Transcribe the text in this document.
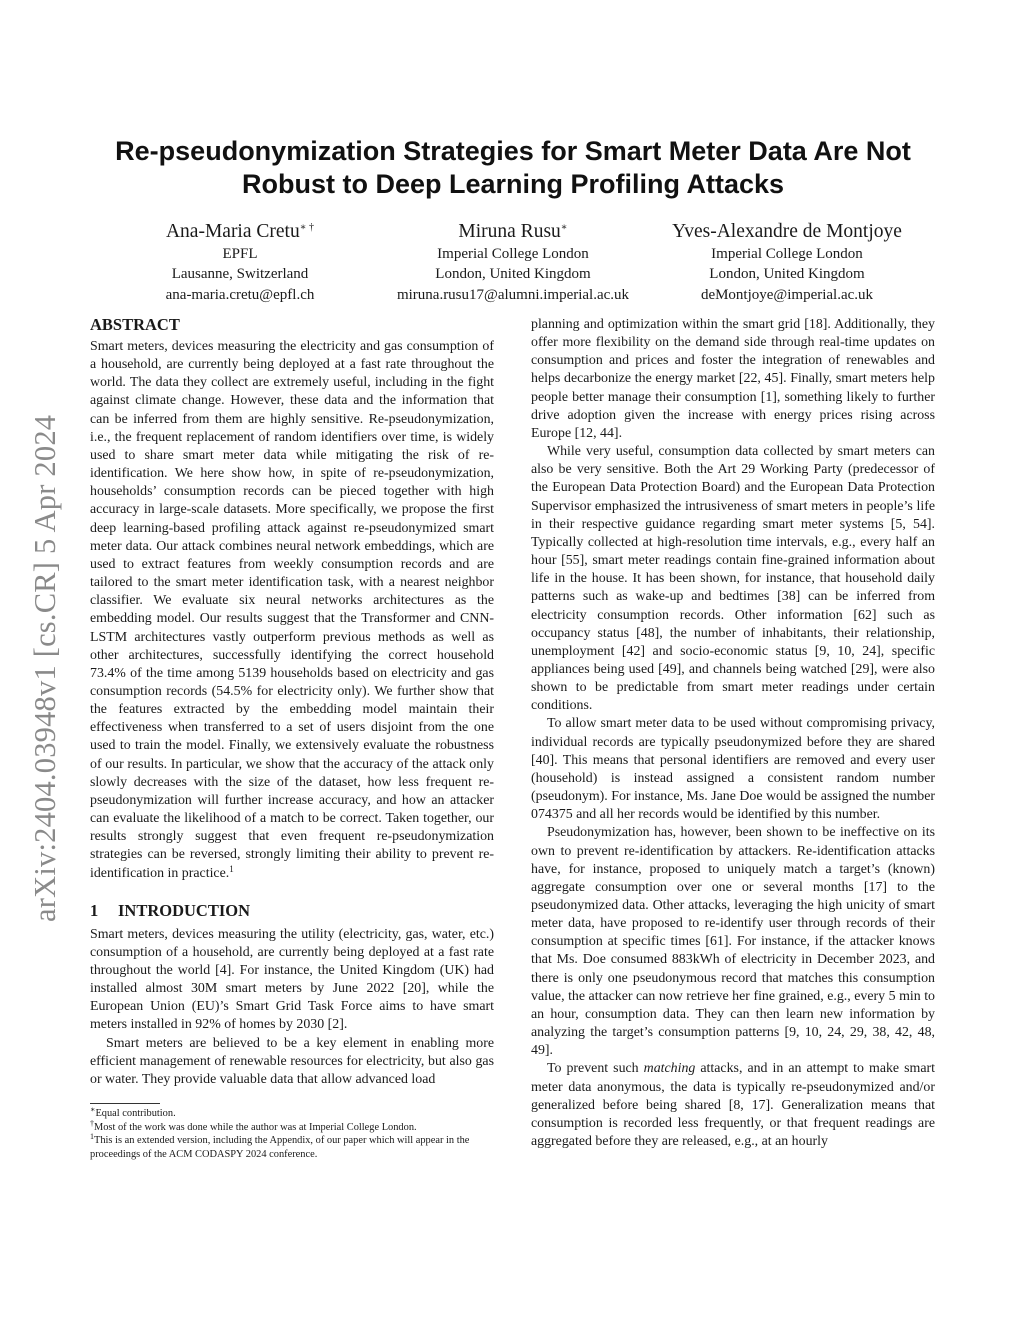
arXiv:2404.03948v1 [cs.CR] 5 Apr 2024
Re-pseudonymization Strategies for Smart Meter Data Are Not Robust to Deep Learning Profiling Attacks
Ana-Maria Cretu∗ †
EPFL
Lausanne, Switzerland
ana-maria.cretu@epfl.ch
Miruna Rusu∗
Imperial College London
London, United Kingdom
miruna.rusu17@alumni.imperial.ac.uk
Yves-Alexandre de Montjoye
Imperial College London
London, United Kingdom
deMontjoye@imperial.ac.uk
ABSTRACT

Smart meters, devices measuring the electricity and gas consumption of a household, are currently being deployed at a fast rate throughout the world. The data they collect are extremely useful, including in the fight against climate change. However, these data and the information that can be inferred from them are highly sensitive. Re-pseudonymization, i.e., the frequent replacement of random identifiers over time, is widely used to share smart meter data while mitigating the risk of re-identification. We here show how, in spite of re-pseudonymization, households’ consumption records can be pieced together with high accuracy in large-scale datasets. More specifically, we propose the first deep learning-based profiling attack against re-pseudonymized smart meter data. Our attack combines neural network embeddings, which are used to extract features from weekly consumption records and are tailored to the smart meter identification task, with a nearest neighbor classifier. We evaluate six neural networks architectures as the embedding model. Our results suggest that the Transformer and CNN-LSTM architectures vastly outperform previous methods as well as other architectures, successfully identifying the correct household 73.4% of the time among 5139 households based on electricity and gas consumption records (54.5% for electricity only). We further show that the features extracted by the embedding model maintain their effectiveness when transferred to a set of users disjoint from the one used to train the model. Finally, we extensively evaluate the robustness of our results. In particular, we show that the accuracy of the attack only slowly decreases with the size of the dataset, how less frequent re-pseudonymization will further increase accuracy, and how an attacker can evaluate the likelihood of a match to be correct. Taken together, our results strongly suggest that even frequent re-pseudonymization strategies can be reversed, strongly limiting their ability to prevent re-identification in practice.$^1$

1 INTRODUCTION

Smart meters, devices measuring the utility (electricity, gas, water, etc.) consumption of a household, are currently being deployed at a fast rate throughout the world [4]. For instance, the United Kingdom (UK) had installed almost 30M smart meters by June 2022 [20], while the European Union (EU)’s Smart Grid Task Force aims to have smart meters installed in 92% of homes by 2030 [2].

Smart meters are believed to be a key element in enabling more efficient management of renewable resources for electricity, but also gas or water. They provide valuable data that allow advanced load

∗Equal contribution.
†Most of the work was done while the author was at Imperial College London.
$^1$This is an extended version, including the Appendix, of our paper which will appear in the proceedings of the ACM CODASPY 2024 conference.

planning and optimization within the smart grid [18]. Additionally, they offer more flexibility on the demand side through real-time updates on consumption and prices and foster the integration of renewables and helps decarbonize the energy market [22, 45]. Finally, smart meters help people better manage their consumption [1], something likely to further drive adoption given the increase with energy prices rising across Europe [12, 44].

While very useful, consumption data collected by smart meters can also be very sensitive. Both the Art 29 Working Party (predecessor of the European Data Protection Board) and the European Data Protection Supervisor emphasized the intrusiveness of smart meters in people’s life in their respective guidance regarding smart meter systems [5, 54]. Typically collected at high-resolution time intervals, e.g., every half an hour [55], smart meter readings contain fine-grained information about life in the house. It has been shown, for instance, that household daily patterns such as wake-up and bedtimes [38] can be inferred from electricity consumption records. Other information [62] such as occupancy status [48], the number of inhabitants, their relationship, unemployment [42] and socio-economic status [9, 10, 24], specific appliances being used [49], and channels being watched [29], were also shown to be predictable from smart meter readings under certain conditions.

To allow smart meter data to be used without compromising privacy, individual records are typically pseudonymized before they are shared [40]. This means that personal identifiers are removed and every user (household) is instead assigned a consistent random number (pseudonym). For instance, Ms. Jane Doe would be assigned the number 074375 and all her records would be identified by this number.

Pseudonymization has, however, been shown to be ineffective on its own to prevent re-identification by attackers. Re-identification attacks have, for instance, proposed to uniquely match a target’s (known) aggregate consumption over one or several months [17] to the pseudonymized data. Other attacks, leveraging the high unicity of smart meter data, have proposed to re-identify user through records of their consumption at specific times [61]. For instance, if the attacker knows that Ms. Doe consumed 883kWh of electricity in December 2023, and there is only one pseudonymous record that matches this consumption value, the attacker can now retrieve her fine grained, e.g., every 5 min to an hour, consumption data. They can then learn new information by analyzing the target’s consumption patterns [9, 10, 24, 29, 38, 42, 48, 49].

To prevent such matching attacks, and in an attempt to make smart meter data anonymous, the data is typically re-pseudonymized and/or generalized before being shared [8, 17]. Generalization means that consumption is recorded less frequently, or that frequent readings are aggregated before they are released, e.g., at an hourly
